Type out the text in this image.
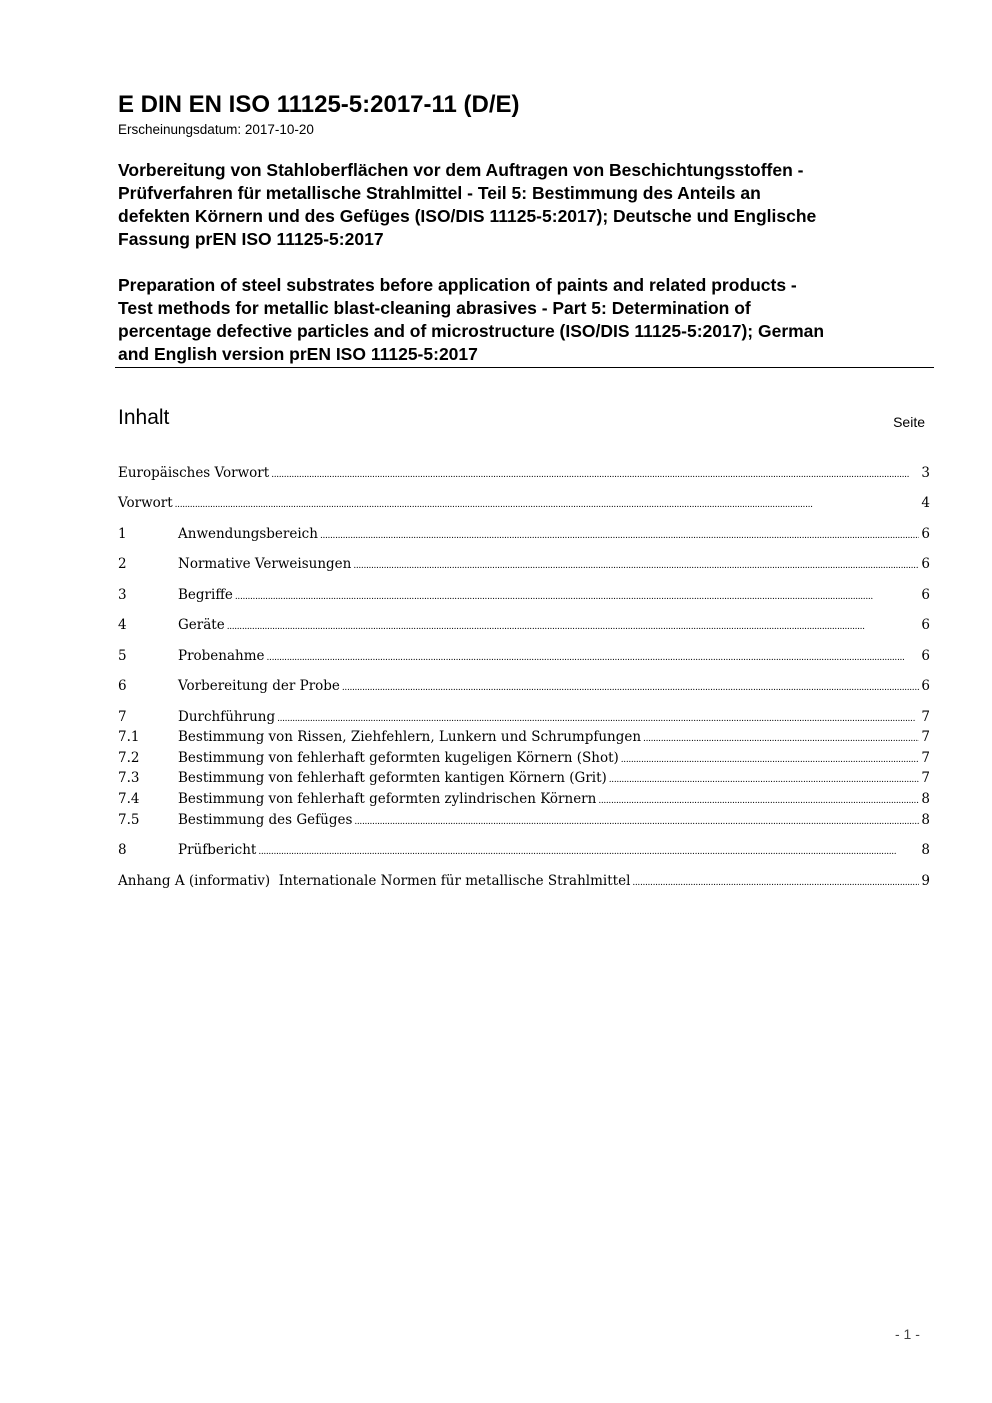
E DIN EN ISO 11125-5:2017-11 (D/E)
Erscheinungsdatum: 2017-10-20
Vorbereitung von Stahloberflächen vor dem Auftragen von Beschichtungsstoffen -
Prüfverfahren für metallische Strahlmittel - Teil 5: Bestimmung des Anteils an
defekten Körnern und des Gefüges (ISO/DIS 11125-5:2017); Deutsche und Englische
Fassung prEN ISO 11125-5:2017
Preparation of steel substrates before application of paints and related products -
Test methods for metallic blast-cleaning abrasives - Part 5: Determination of
percentage defective particles and of microstructure (ISO/DIS 11125-5:2017); German
and English version prEN ISO 11125-5:2017
Inhalt	Seite
Europäisches Vorwort . . .	3
Vorwort . . .	4
1	Anwendungsbereich . . .	6
2	Normative Verweisungen . . .	6
3	Begriffe . . .	6
4	Geräte . . .	6
5	Probenahme . . .	6
6	Vorbereitung der Probe . . .	6
7	Durchführung . . .	7
7.1	Bestimmung von Rissen, Ziehfehlern, Lunkern und Schrumpfungen . . .	7
7.2	Bestimmung von fehlerhaft geformten kugeligen Körnern (Shot) . . .	7
7.3	Bestimmung von fehlerhaft geformten kantigen Körnern (Grit) . . .	7
7.4	Bestimmung von fehlerhaft geformten zylindrischen Körnern . . .	8
7.5	Bestimmung des Gefüges . . .	8
8	Prüfbericht . . .	8
Anhang A (informativ)  Internationale Normen für metallische Strahlmittel . . .	9
- 1 -
